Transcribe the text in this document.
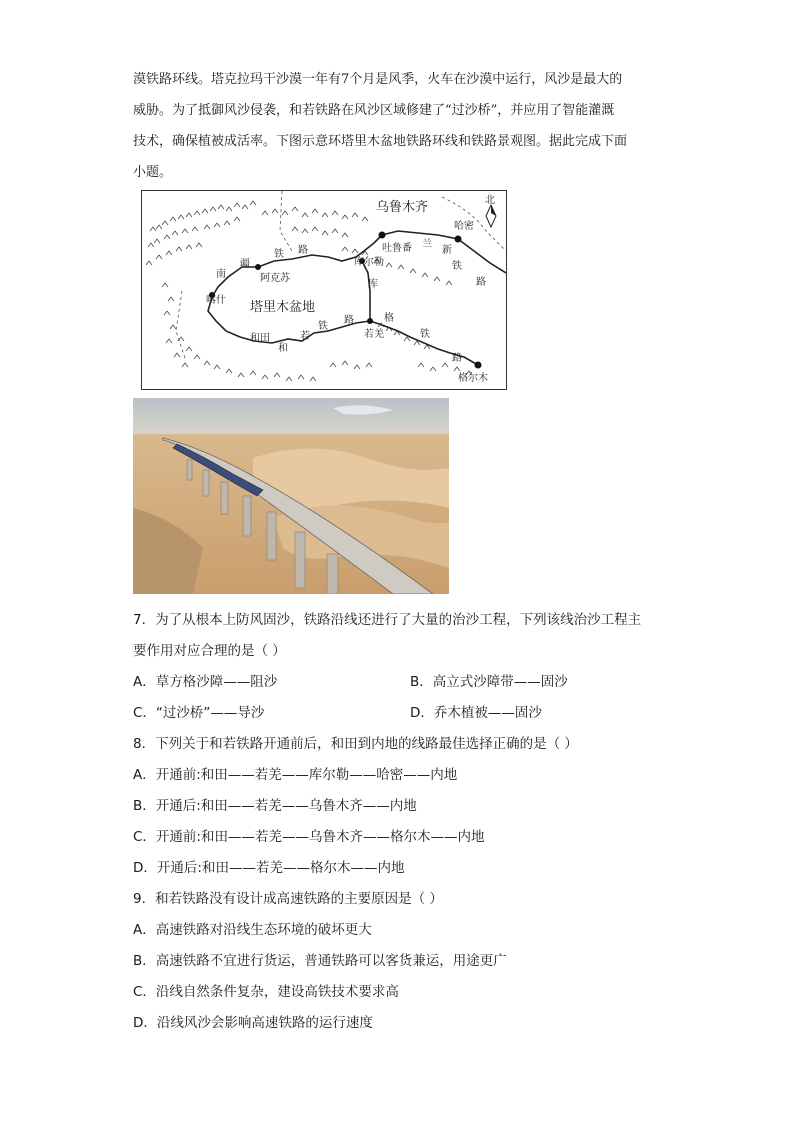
漠铁路环线。塔克拉玛干沙漠一年有7个月是风季，火车在沙漠中运行，风沙是最大的

威胁。为了抵御风沙侵袭，和若铁路在风沙区域修建了“过沙桥”，并应用了智能灌溉

技术，确保植被成活率。下图示意环塔里木盆地铁路环线和铁路景观图。据此完成下面

小题。

北
乌鲁木齐
哈密
吐鲁番
库尔勒
阿克苏
喀什
和田	若羌
格尔木
塔里木盆地
南
疆
铁 路
兰
新
铁
路
库
格
铁
路
和
若
铁
路
7．为了从根本上防风固沙，铁路沿线还进行了大量的治沙工程，下列该线治沙工程主
要作用对应合理的是（ ）
A．草方格沙障——阻沙	B．高立式沙障带——固沙
C．“过沙桥”——导沙	D．乔木植被——固沙
8．下列关于和若铁路开通前后，和田到内地的线路最佳选择正确的是（ ）
A．开通前:和田——若羌——库尔勒——哈密——内地
B．开通后:和田——若羌——乌鲁木齐——内地
C．开通前:和田——若羌——乌鲁木齐——格尔木——内地
D．开通后:和田——若羌——格尔木——内地
9．和若铁路没有设计成高速铁路的主要原因是（ ）
A．高速铁路对沿线生态环境的破坏更大
B．高速铁路不宜进行货运，普通铁路可以客货兼运，用途更广
C．沿线自然条件复杂，建设高铁技术要求高
D．沿线风沙会影响高速铁路的运行速度
